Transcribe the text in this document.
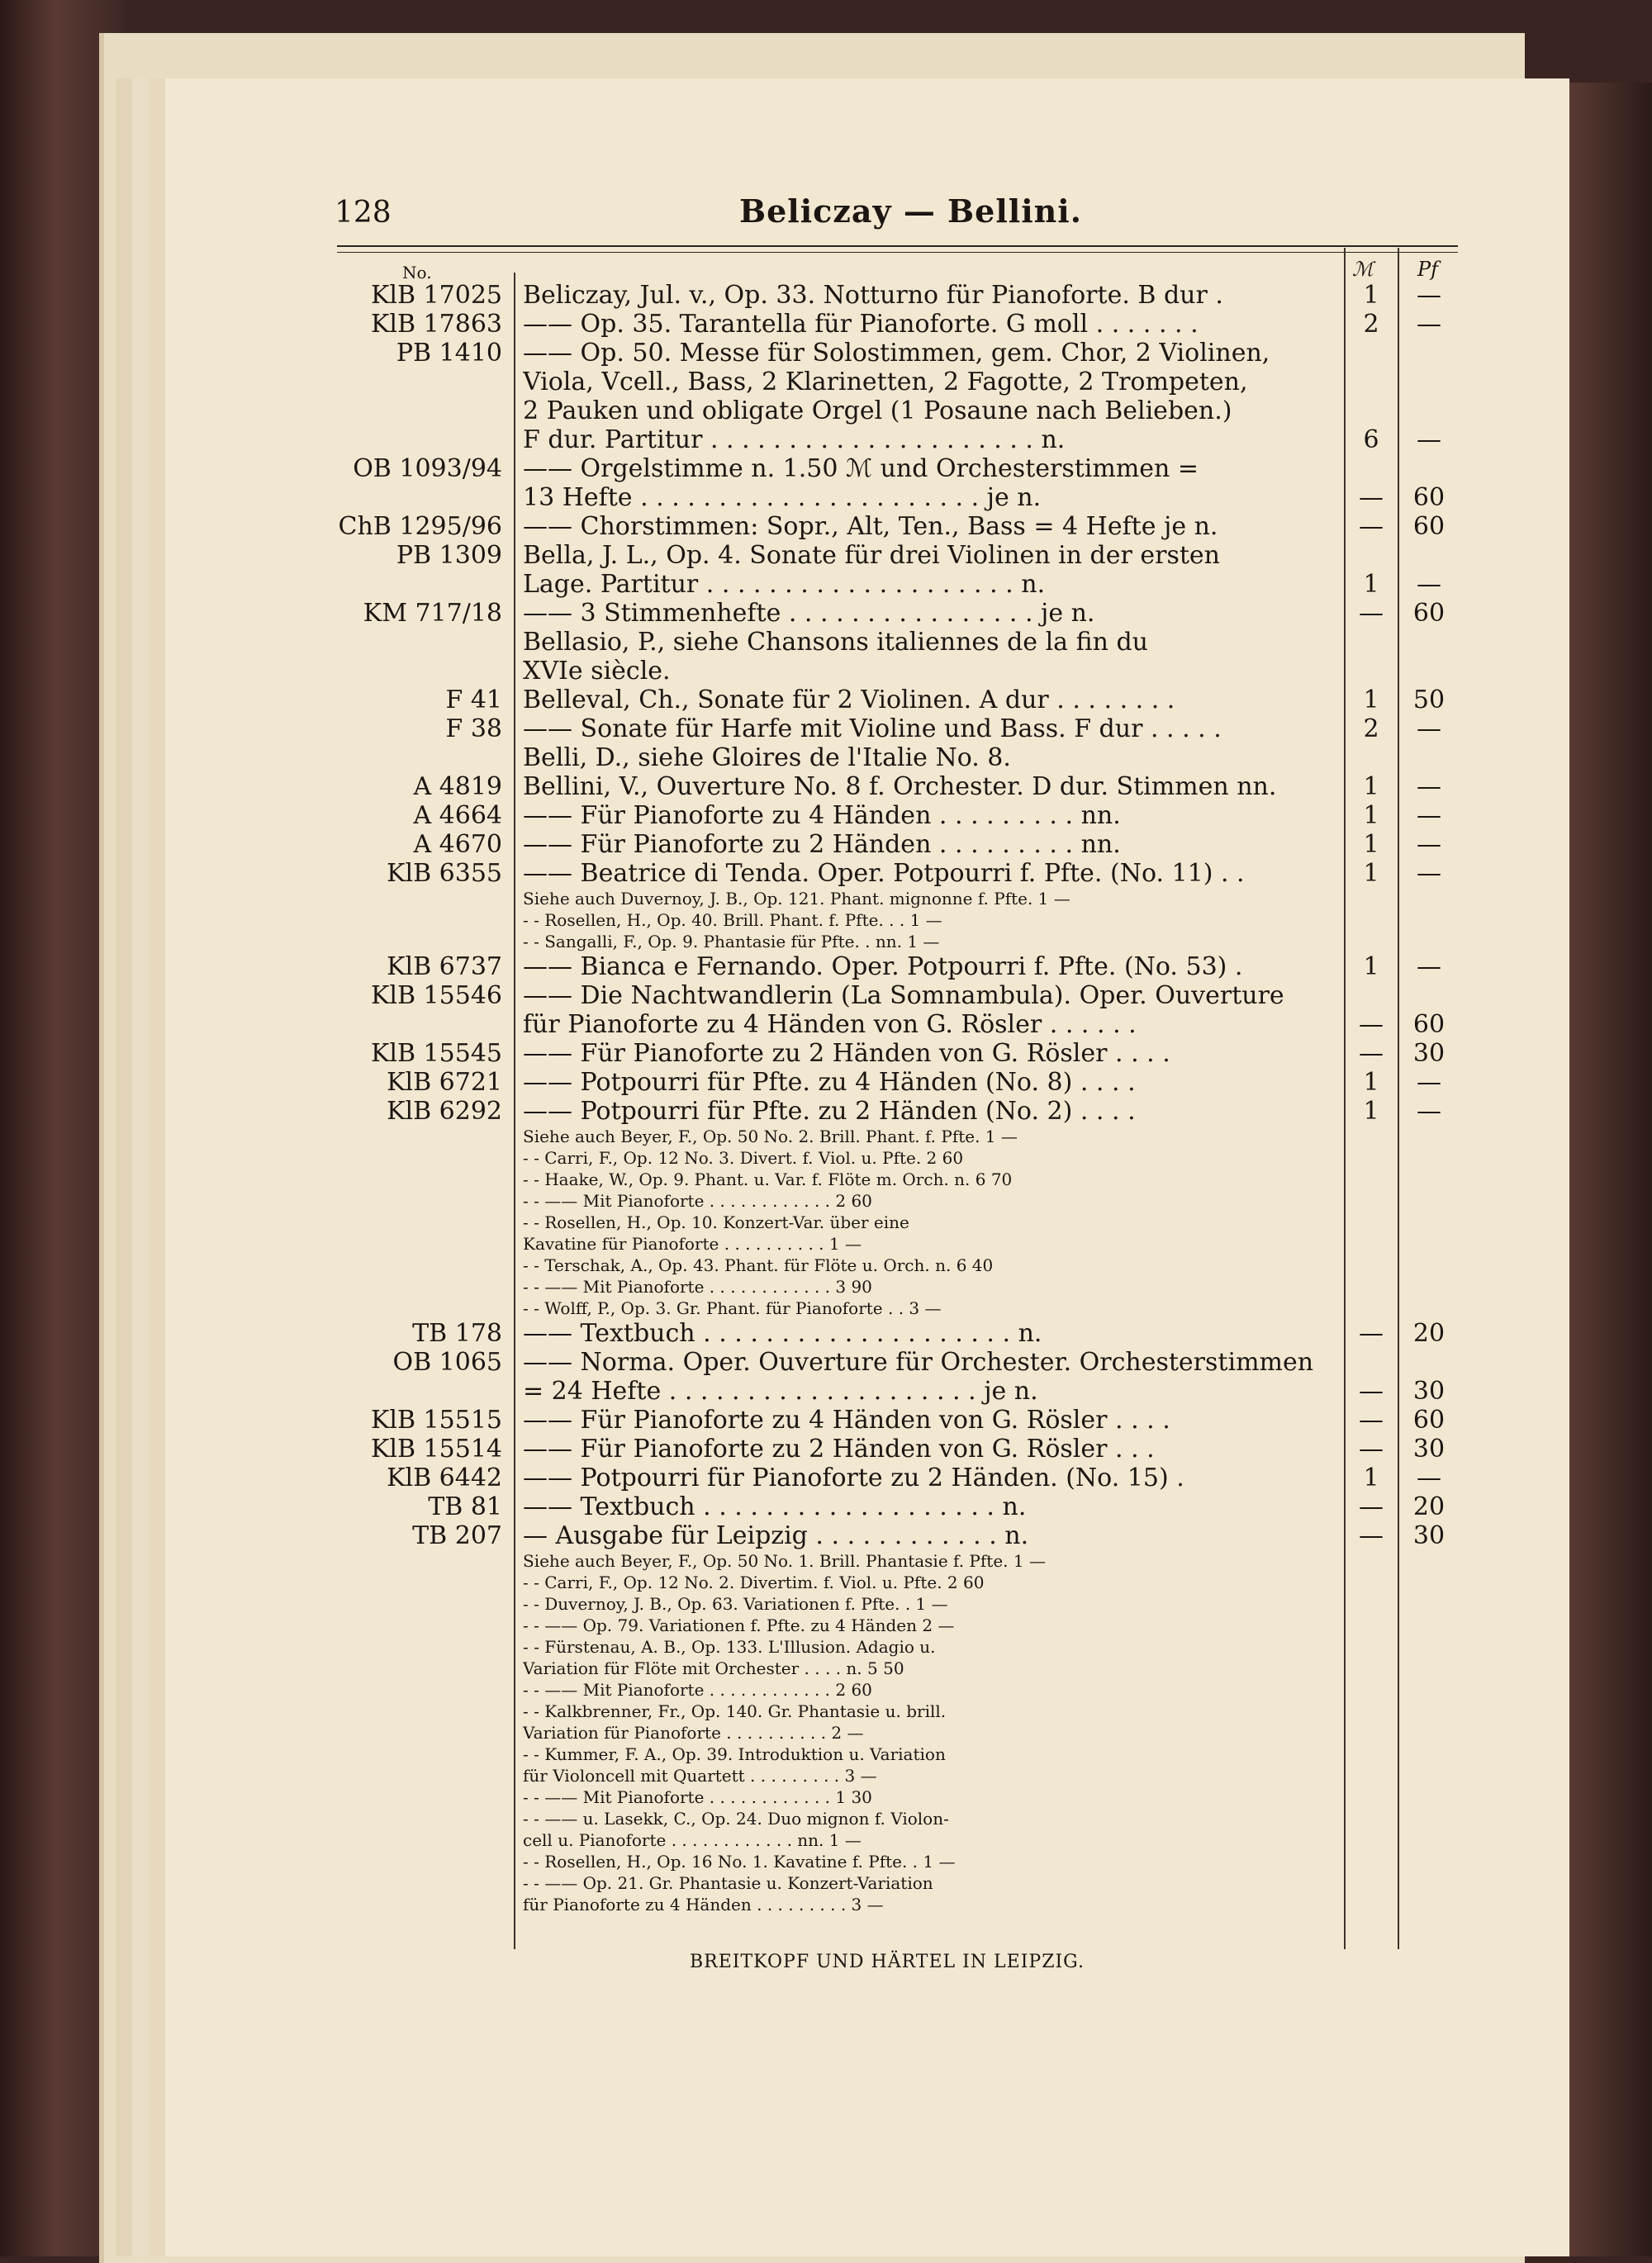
128	Beliczay — Bellini.
No.	ℳ Pf
KlB 17025 Beliczay, Jul. v., Op. 33. Notturno für Pianoforte. B dur .	1	—
KlB 17863 —— Op. 35. Tarantella für Pianoforte. G moll . . . . . . .	2	—
PB 1410 —— Op. 50. Messe für Solostimmen, gem. Chor, 2 Violinen,
Viola, Vcell., Bass, 2 Klarinetten, 2 Fagotte, 2 Trompeten,
2 Pauken und obligate Orgel (1 Posaune nach Belieben.)
F dur. Partitur . . . . . . . . . . . . . . . . . . . . . n.	6	—
OB 1093/94 —— Orgelstimme n. 1.50 ℳ und Orchesterstimmen =
13 Hefte . . . . . . . . . . . . . . . . . . . . . . je n.	—	60
ChB 1295/96 —— Chorstimmen: Sopr., Alt, Ten., Bass = 4 Hefte je n.	—	60
PB 1309 Bella, J. L., Op. 4. Sonate für drei Violinen in der ersten
Lage. Partitur . . . . . . . . . . . . . . . . . . . . n.	1	—
KM 717/18 —— 3 Stimmenhefte . . . . . . . . . . . . . . . . je n.	—	60
Bellasio, P., siehe Chansons italiennes de la fin du
XVIe siècle.
F 41 Belleval, Ch., Sonate für 2 Violinen. A dur . . . . . . . .	1	50
F 38 —— Sonate für Harfe mit Violine und Bass. F dur . . . . .	2	—
Belli, D., siehe Gloires de l'Italie No. 8.
A 4819 Bellini, V., Ouverture No. 8 f. Orchester. D dur. Stimmen nn.	1	—
A 4664 —— Für Pianoforte zu 4 Händen . . . . . . . . . nn.	1	—
A 4670 —— Für Pianoforte zu 2 Händen . . . . . . . . . nn.	1	—
KlB 6355 —— Beatrice di Tenda. Oper. Potpourri f. Pfte. (No. 11) . .	1	—
Siehe auch Duvernoy, J. B., Op. 121. Phant. mignonne f. Pfte. 1 —
- - Rosellen, H., Op. 40. Brill. Phant. f. Pfte. . . 1 —
- - Sangalli, F., Op. 9. Phantasie für Pfte. . nn. 1 —
KlB 6737 —— Bianca e Fernando. Oper. Potpourri f. Pfte. (No. 53) .	1	—
KlB 15546 —— Die Nachtwandlerin (La Somnambula). Oper. Ouverture
für Pianoforte zu 4 Händen von G. Rösler . . . . . .	—	60
KlB 15545 —— Für Pianoforte zu 2 Händen von G. Rösler . . . .	—	30
KlB 6721 —— Potpourri für Pfte. zu 4 Händen (No. 8) . . . .	1	—
KlB 6292 —— Potpourri für Pfte. zu 2 Händen (No. 2) . . . .	1	—
Siehe auch Beyer, F., Op. 50 No. 2. Brill. Phant. f. Pfte. 1 —
- - Carri, F., Op. 12 No. 3. Divert. f. Viol. u. Pfte. 2 60
- - Haake, W., Op. 9. Phant. u. Var. f. Flöte m. Orch. n. 6 70
- - —— Mit Pianoforte . . . . . . . . . . . . 2 60
- - Rosellen, H., Op. 10. Konzert-Var. über eine
Kavatine für Pianoforte . . . . . . . . . . 1 —
- - Terschak, A., Op. 43. Phant. für Flöte u. Orch. n. 6 40
- - —— Mit Pianoforte . . . . . . . . . . . . 3 90
- - Wolff, P., Op. 3. Gr. Phant. für Pianoforte . . 3 —
TB 178 —— Textbuch . . . . . . . . . . . . . . . . . . . . n.	—	20
OB 1065 —— Norma. Oper. Ouverture für Orchester. Orchesterstimmen
= 24 Hefte . . . . . . . . . . . . . . . . . . . . je n.	—	30
KlB 15515 —— Für Pianoforte zu 4 Händen von G. Rösler . . . .	—	60
KlB 15514 —— Für Pianoforte zu 2 Händen von G. Rösler . . .	—	30
KlB 6442 —— Potpourri für Pianoforte zu 2 Händen. (No. 15) .	1	—
TB 81 —— Textbuch . . . . . . . . . . . . . . . . . . . n.	—	20
TB 207 — Ausgabe für Leipzig . . . . . . . . . . . . n.	—	30
Siehe auch Beyer, F., Op. 50 No. 1. Brill. Phantasie f. Pfte. 1 —
- - Carri, F., Op. 12 No. 2. Divertim. f. Viol. u. Pfte. 2 60
- - Duvernoy, J. B., Op. 63. Variationen f. Pfte. . 1 —
- - —— Op. 79. Variationen f. Pfte. zu 4 Händen 2 —
- - Fürstenau, A. B., Op. 133. L'Illusion. Adagio u.
Variation für Flöte mit Orchester . . . . n. 5 50
- - —— Mit Pianoforte . . . . . . . . . . . . 2 60
- - Kalkbrenner, Fr., Op. 140. Gr. Phantasie u. brill.
Variation für Pianoforte . . . . . . . . . . 2 —
- - Kummer, F. A., Op. 39. Introduktion u. Variation
für Violoncell mit Quartett . . . . . . . . . 3 —
- - —— Mit Pianoforte . . . . . . . . . . . . 1 30
- - —— u. Lasekk, C., Op. 24. Duo mignon f. Violon-
cell u. Pianoforte . . . . . . . . . . . . nn. 1 —
- - Rosellen, H., Op. 16 No. 1. Kavatine f. Pfte. . 1 —
- - —— Op. 21. Gr. Phantasie u. Konzert-Variation
für Pianoforte zu 4 Händen . . . . . . . . . 3 —
BREITKOPF UND HÄRTEL IN LEIPZIG.
